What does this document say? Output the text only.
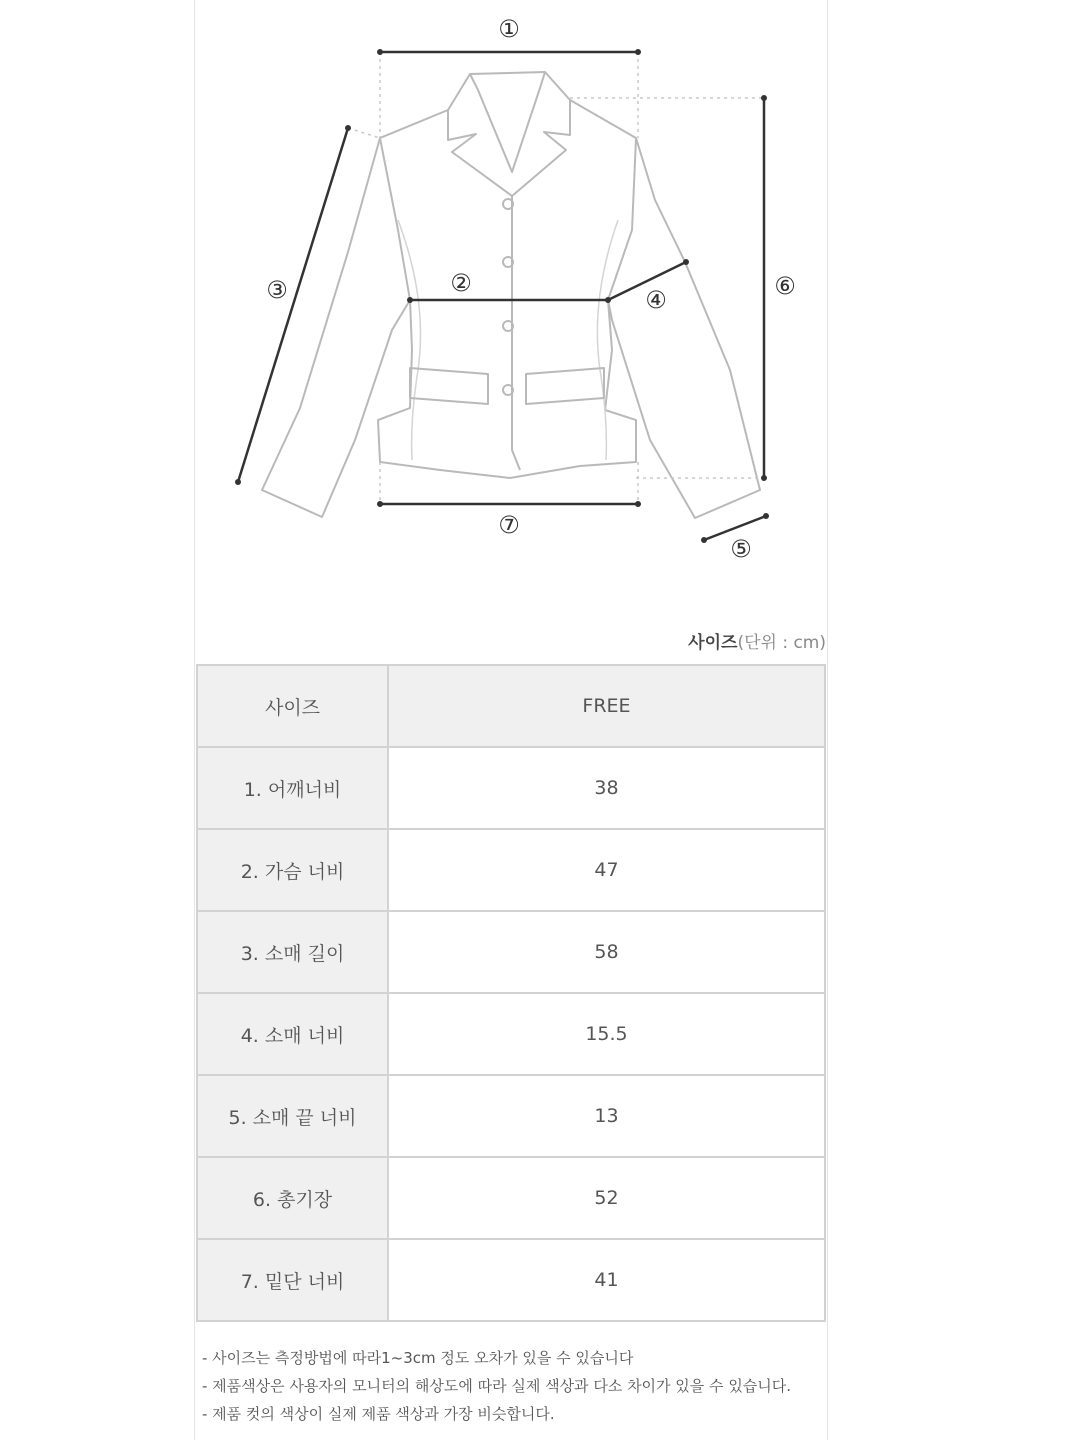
①
②
③	④
⑤
⑥
⑦
사이즈(단위 : cm)
사이즈	FREE
1. 어깨너비	38
2. 가슴 너비	47
3. 소매 길이	58
4. 소매 너비	15.5
5. 소매 끝 너비	13
6. 총기장	52
7. 밑단 너비	41
- 사이즈는 측정방법에 따라1~3cm 정도 오차가 있을 수 있습니다
- 제품색상은 사용자의 모니터의 해상도에 따라 실제 색상과 다소 차이가 있을 수 있습니다.
- 제품 컷의 색상이 실제 제품 색상과 가장 비슷합니다.
